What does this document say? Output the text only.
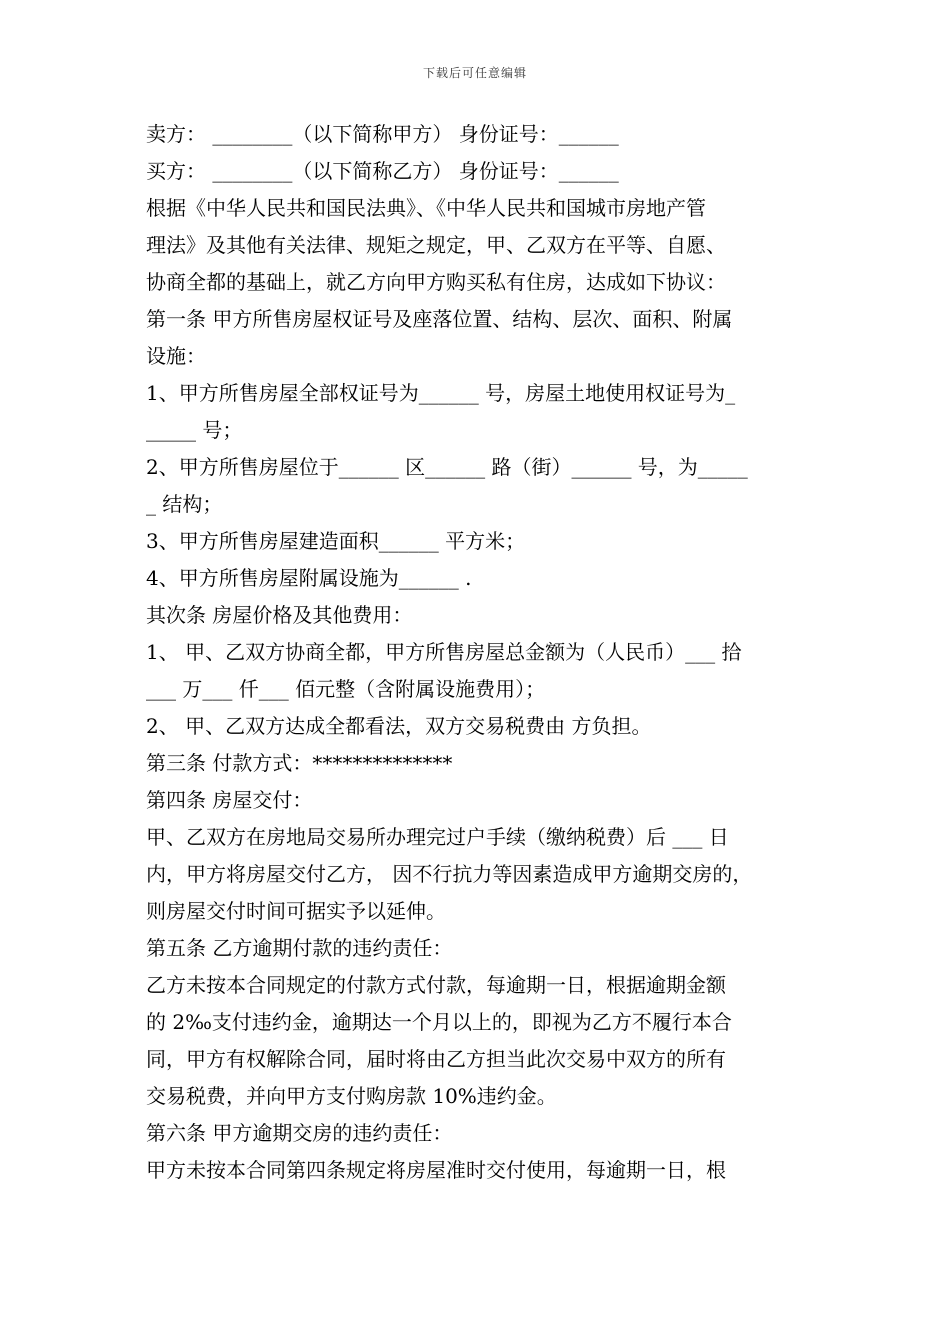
下载后可任意编辑
卖方： ________（以下简称甲方） 身份证号：______
买方： ________（以下简称乙方） 身份证号：______
根据《中华人民共和国民法典》、《中华人民共和国城市房地产管
理法》及其他有关法律、规矩之规定，甲、乙双方在平等、自愿、
协商全都的基础上，就乙方向甲方购买私有住房，达成如下协议：
第一条 甲方所售房屋权证号及座落位置、结构、层次、面积、附属
设施：
1、甲方所售房屋全部权证号为______ 号，房屋土地使用权证号为_
_____ 号；
2、甲方所售房屋位于______ 区______ 路（街）______ 号，为_____
_ 结构；
3、甲方所售房屋建造面积______ 平方米；
4、甲方所售房屋附属设施为______ .
其次条 房屋价格及其他费用：
1、 甲、乙双方协商全都，甲方所售房屋总金额为（人民币）___ 拾
___ 万___ 仟___ 佰元整（含附属设施费用）；
2、 甲、乙双方达成全都看法，双方交易税费由 方负担。
第三条 付款方式：**************
第四条 房屋交付：
甲、乙双方在房地局交易所办理完过户手续（缴纳税费）后 ___ 日
内，甲方将房屋交付乙方， 因不行抗力等因素造成甲方逾期交房的，
则房屋交付时间可据实予以延伸。
第五条 乙方逾期付款的违约责任：
乙方未按本合同规定的付款方式付款，每逾期一日，根据逾期金额
的 2‰支付违约金，逾期达一个月以上的，即视为乙方不履行本合
同，甲方有权解除合同，届时将由乙方担当此次交易中双方的所有
交易税费，并向甲方支付购房款 10%违约金。
第六条 甲方逾期交房的违约责任：
甲方未按本合同第四条规定将房屋准时交付使用，每逾期一日，根
